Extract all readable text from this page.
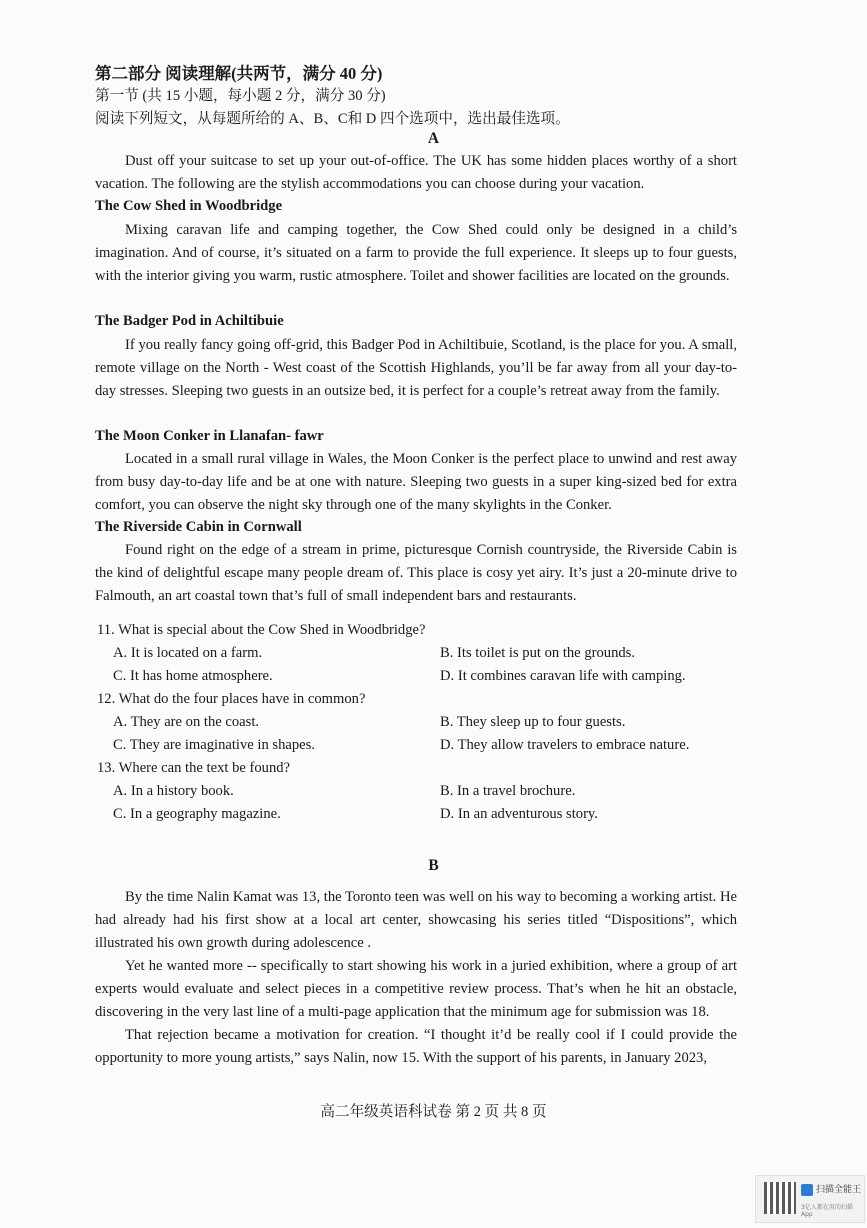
第二部分 阅读理解(共两节，满分 40 分)
第一节 (共 15 小题，每小题 2 分，满分 30 分)
阅读下列短文，从每题所给的 A、B、C和 D 四个选项中，选出最佳选项。
A
Dust off your suitcase to set up your out-of-office. The UK has some hidden places worthy of a short vacation. The following are the stylish accommodations you can choose during your vacation.
The Cow Shed in Woodbridge
Mixing caravan life and camping together, the Cow Shed could only be designed in a child’s imagination. And of course, it’s situated on a farm to provide the full experience. It sleeps up to four guests, with the interior giving you warm, rustic atmosphere. Toilet and shower facilities are located on the grounds.
The Badger Pod in Achiltibuie
If you really fancy going off-grid, this Badger Pod in Achiltibuie, Scotland, is the place for you. A small, remote village on the North - West coast of the Scottish Highlands, you’ll be far away from all your day-to-day stresses. Sleeping two guests in an outsize bed, it is perfect for a couple’s retreat away from the family.
The Moon Conker in Llanafan- fawr
Located in a small rural village in Wales, the Moon Conker is the perfect place to unwind and rest away from busy day-to-day life and be at one with nature. Sleeping two guests in a super king-sized bed for extra comfort, you can observe the night sky through one of the many skylights in the Conker.
The Riverside Cabin in Cornwall
Found right on the edge of a stream in prime, picturesque Cornish countryside, the Riverside Cabin is the kind of delightful escape many people dream of. This place is cosy yet airy. It’s just a 20-minute drive to Falmouth, an art coastal town that’s full of small independent bars and restaurants.
11. What is special about the Cow Shed in Woodbridge?
A. It is located on a farm.	B. Its toilet is put on the grounds.
C. It has home atmosphere.	D. It combines caravan life with camping.
12. What do the four places have in common?
A. They are on the coast.	B. They sleep up to four guests.
C. They are imaginative in shapes.	D. They allow travelers to embrace nature.
13. Where can the text be found?
A. In a history book.	B. In a travel brochure.
C. In a geography magazine.	D. In an adventurous story.
B
By the time Nalin Kamat was 13, the Toronto teen was well on his way to becoming a working artist. He had already had his first show at a local art center, showcasing his series titled “Dispositions”, which illustrated his own growth during adolescence .
Yet he wanted more -- specifically to start showing his work in a juried exhibition, where a group of art experts would evaluate and select pieces in a competitive review process. That’s when he hit an obstacle, discovering in the very last line of a multi-page application that the minimum age for submission was 18.
That rejection became a motivation for creation. “I thought it’d be really cool if I could provide the opportunity to more young artists,” says Nalin, now 15. With the support of his parents, in January 2023,
高二年级英语科试卷 第 2 页 共 8 页
扫描全能王
3亿人都在用的扫描App
